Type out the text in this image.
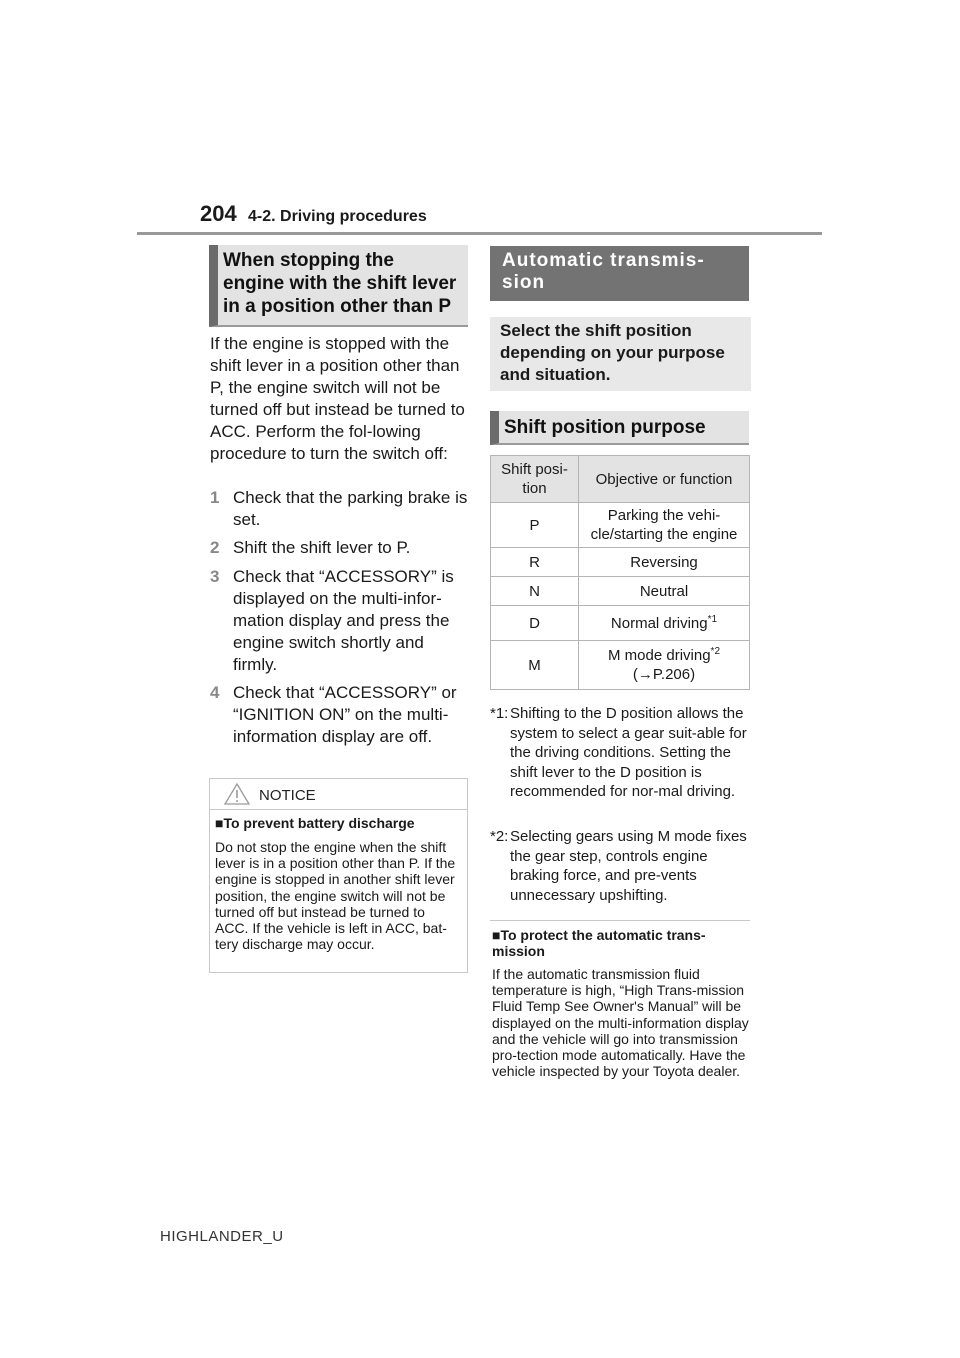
204 4-2. Driving procedures
When stopping the engine with the shift lever in a position other than P
If the engine is stopped with the shift lever in a position other than P, the engine switch will not be turned off but instead be turned to ACC. Perform the fol-lowing procedure to turn the switch off:
1 Check that the parking brake is set.
2 Shift the shift lever to P.
3 Check that “ACCESSORY” is displayed on the multi-infor-mation display and press the engine switch shortly and firmly.
4 Check that “ACCESSORY” or “IGNITION ON” on the multi-information display are off.
NOTICE
■To prevent battery discharge
Do not stop the engine when the shift lever is in a position other than P. If the engine is stopped in another shift lever position, the engine switch will not be turned off but instead be turned to ACC. If the vehicle is left in ACC, bat-tery discharge may occur.
Automatic transmis-sion
Select the shift position depending on your purpose and situation.
Shift position purpose
Shift posi-tion	Objective or function
P	Parking the vehi-cle/starting the engine
R	Reversing
N	Neutral
D	Normal driving$^{*1}$
M	M mode driving$^{*2}$
(→P.206)
*1: Shifting to the D position allows the system to select a gear suit-able for the driving conditions. Setting the shift lever to the D position is recommended for nor-mal driving.
*2: Selecting gears using M mode fixes the gear step, controls engine braking force, and pre-vents unnecessary upshifting.
■To protect the automatic trans-mission
If the automatic transmission fluid temperature is high, “High Trans-mission Fluid Temp See Owner's Manual” will be displayed on the multi-information display and the vehicle will go into transmission pro-tection mode automatically. Have the vehicle inspected by your Toyota dealer.
HIGHLANDER_U
